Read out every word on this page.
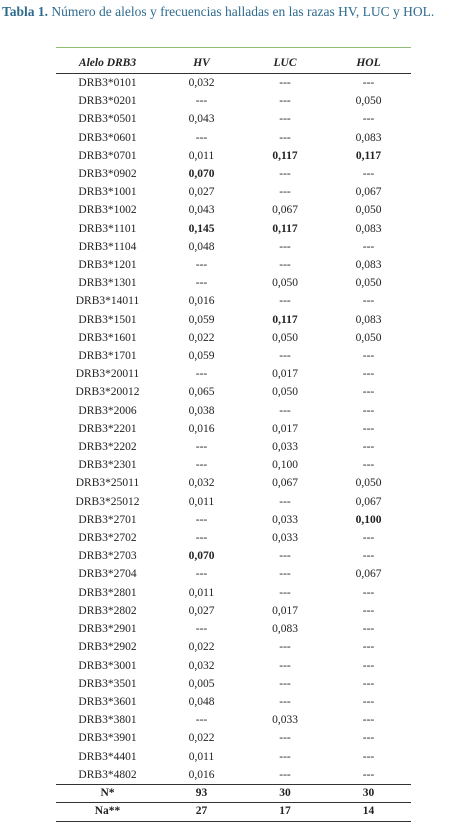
Tabla 1. Número de alelos y frecuencias halladas en las razas HV, LUC y HOL.
Alelo DRB3	HV	LUC	HOL
DRB3*0101	0,032	---	---
DRB3*0201	---	---	0,050
DRB3*0501	0,043	---	---
DRB3*0601	---	---	0,083
DRB3*0701	0,011	0,117	0,117
DRB3*0902	0,070	---	---
DRB3*1001	0,027	---	0,067
DRB3*1002	0,043	0,067	0,050
DRB3*1101	0,145	0,117	0,083
DRB3*1104	0,048	---	---
DRB3*1201	---	---	0,083
DRB3*1301	---	0,050	0,050
DRB3*14011	0,016	---	---
DRB3*1501	0,059	0,117	0,083
DRB3*1601	0,022	0,050	0,050
DRB3*1701	0,059	---	---
DRB3*20011	---	0,017	---
DRB3*20012	0,065	0,050	---
DRB3*2006	0,038	---	---
DRB3*2201	0,016	0,017	---
DRB3*2202	---	0,033	---
DRB3*2301	---	0,100	---
DRB3*25011	0,032	0,067	0,050
DRB3*25012	0,011	---	0,067
DRB3*2701	---	0,033	0,100
DRB3*2702	---	0,033	---
DRB3*2703	0,070	---	---
DRB3*2704	---	---	0,067
DRB3*2801	0,011	---	---
DRB3*2802	0,027	0,017	---
DRB3*2901	---	0,083	---
DRB3*2902	0,022	---	---
DRB3*3001	0,032	---	---
DRB3*3501	0,005	---	---
DRB3*3601	0,048	---	---
DRB3*3801	---	0,033	---
DRB3*3901	0,022	---	---
DRB3*4401	0,011	---	---
DRB3*4802	0,016	---	---
N*	93	30	30
Na**	27	17	14
